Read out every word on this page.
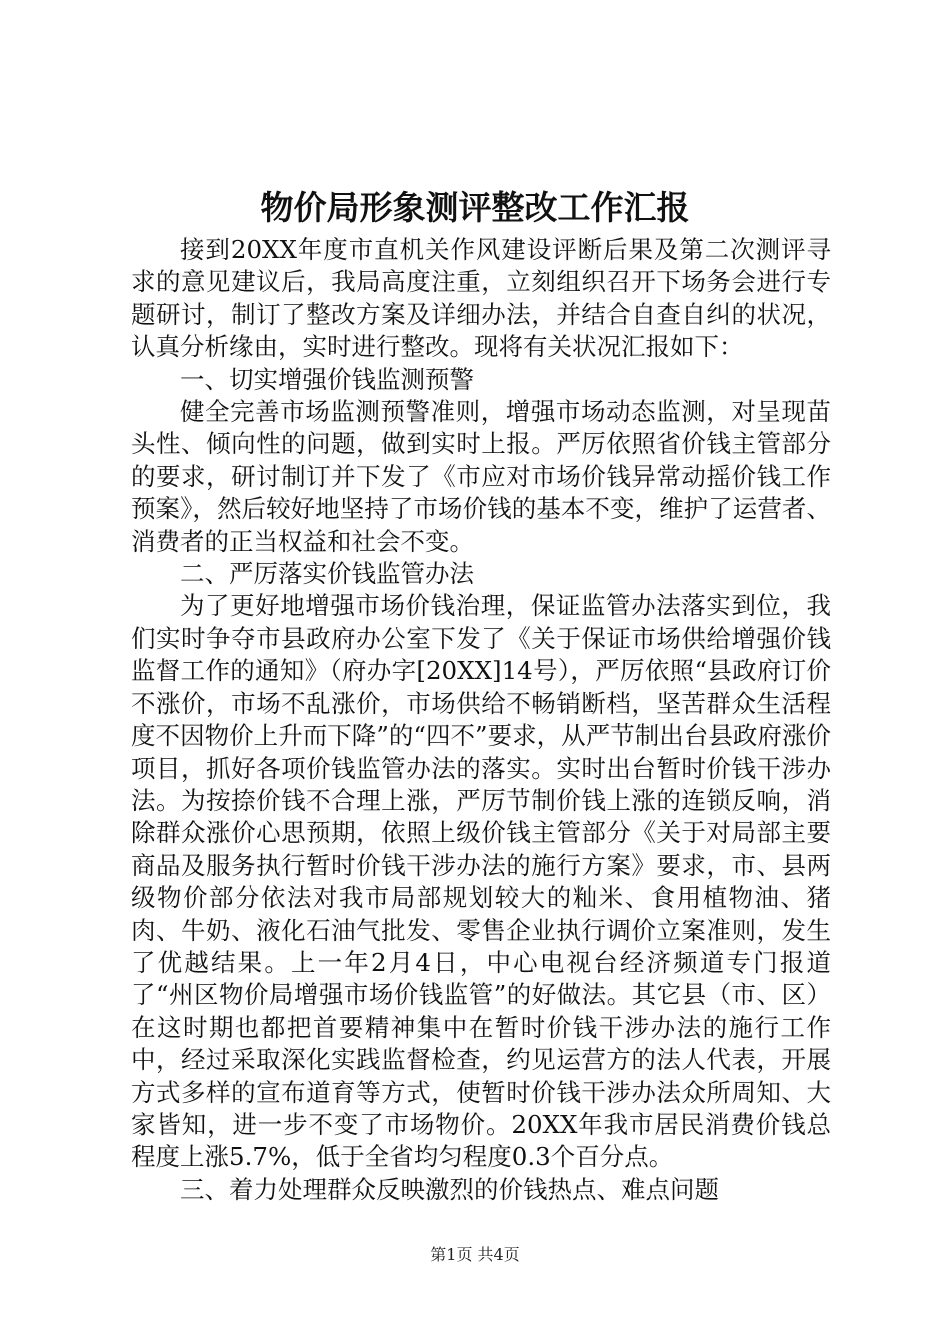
物价局形象测评整改工作汇报

接到20XX年度市直机关作风建设评断后果及第二次测评寻求的意见建议后，我局高度注重，立刻组织召开下场务会进行专题研讨，制订了整改方案及详细办法，并结合自查自纠的状况，认真分析缘由，实时进行整改。现将有关状况汇报如下：

一、切实增强价钱监测预警

健全完善市场监测预警准则，增强市场动态监测，对呈现苗头性、倾向性的问题，做到实时上报。严厉依照省价钱主管部分的要求，研讨制订并下发了《市应对市场价钱异常动摇价钱工作预案》，然后较好地坚持了市场价钱的基本不变，维护了运营者、消费者的正当权益和社会不变。

二、严厉落实价钱监管办法

为了更好地增强市场价钱治理，保证监管办法落实到位，我们实时争夺市县政府办公室下发了《关于保证市场供给增强价钱监督工作的通知》（府办字[20XX]14号），严厉依照“县政府订价不涨价，市场不乱涨价，市场供给不畅销断档，坚苦群众生活程度不因物价上升而下降”的“四不”要求，从严节制出台县政府涨价项目，抓好各项价钱监管办法的落实。实时出台暂时价钱干涉办法。为按捺价钱不合理上涨，严厉节制价钱上涨的连锁反响，消除群众涨价心思预期，依照上级价钱主管部分《关于对局部主要商品及服务执行暂时价钱干涉办法的施行方案》要求，市、县两级物价部分依法对我市局部规划较大的籼米、食用植物油、猪肉、牛奶、液化石油气批发、零售企业执行调价立案准则，发生了优越结果。上一年2月4日，中心电视台经济频道专门报道了“州区物价局增强市场价钱监管”的好做法。其它县（市、区）在这时期也都把首要精神集中在暂时价钱干涉办法的施行工作中，经过采取深化实践监督检查，约见运营方的法人代表，开展方式多样的宣布道育等方式，使暂时价钱干涉办法众所周知、大家皆知，进一步不变了市场物价。20XX年我市居民消费价钱总程度上涨5.7%，低于全省均匀程度0.3个百分点。

三、着力处理群众反映激烈的价钱热点、难点问题

第1页 共4页
